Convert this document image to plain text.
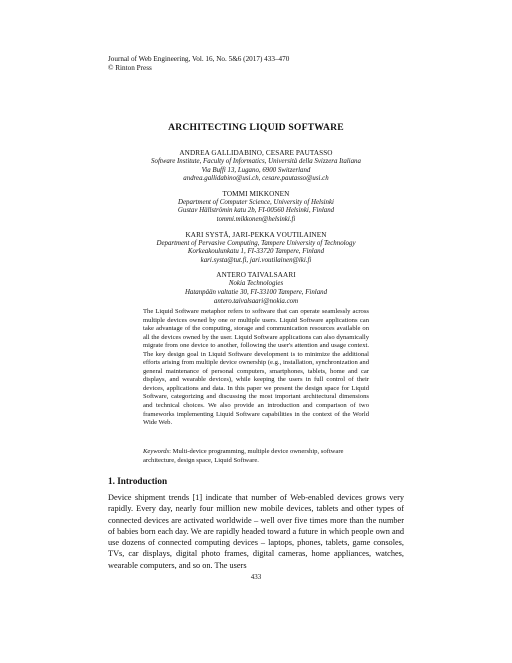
Journal of Web Engineering, Vol. 16, No. 5&6 (2017) 433–470
© Rinton Press
ARCHITECTING LIQUID SOFTWARE
ANDREA GALLIDABINO, CESARE PAUTASSO
Software Institute, Faculty of Informatics, Università della Svizzera Italiana
Via Buffi 13, Lugano, 6900 Switzerland
andrea.gallidabino@usi.ch, cesare.pautasso@usi.ch
TOMMI MIKKONEN
Department of Computer Science, University of Helsinki
Gustav Hällströmin katu 2b, FI-00560 Helsinki, Finland
tommi.mikkonen@helsinki.fi
KARI SYSTÄ, JARI-PEKKA VOUTILAINEN
Department of Pervasive Computing, Tampere University of Technology
Korkeakoulunkatu 1, FI-33720 Tampere, Finland
kari.systa@tut.fi, jari.voutilainen@iki.fi
ANTERO TAIVALSAARI
Nokia Technologies
Hatanpään valtatie 30, FI-33100 Tampere, Finland
antero.taivalsaari@nokia.com
The Liquid Software metaphor refers to software that can operate seamlessly across multiple devices owned by one or multiple users. Liquid Software applications can take advantage of the computing, storage and communication resources available on all the devices owned by the user. Liquid Software applications can also dynamically migrate from one device to another, following the user's attention and usage context. The key design goal in Liquid Software development is to minimize the additional efforts arising from multiple device ownership (e.g., installation, synchronization and general maintenance of personal computers, smartphones, tablets, home and car displays, and wearable devices), while keeping the users in full control of their devices, applications and data. In this paper we present the design space for Liquid Software, categorizing and discussing the most important architectural dimensions and technical choices. We also provide an introduction and comparison of two frameworks implementing Liquid Software capabilities in the context of the World Wide Web.
Keywords: Multi-device programming, multiple device ownership, software architecture, design space, Liquid Software.
1. Introduction
Device shipment trends [1] indicate that number of Web-enabled devices grows very rapidly. Every day, nearly four million new mobile devices, tablets and other types of connected devices are activated worldwide – well over five times more than the number of babies born each day. We are rapidly headed toward a future in which people own and use dozens of connected computing devices – laptops, phones, tablets, game consoles, TVs, car displays, digital photo frames, digital cameras, home appliances, watches, wearable computers, and so on. The users
433
